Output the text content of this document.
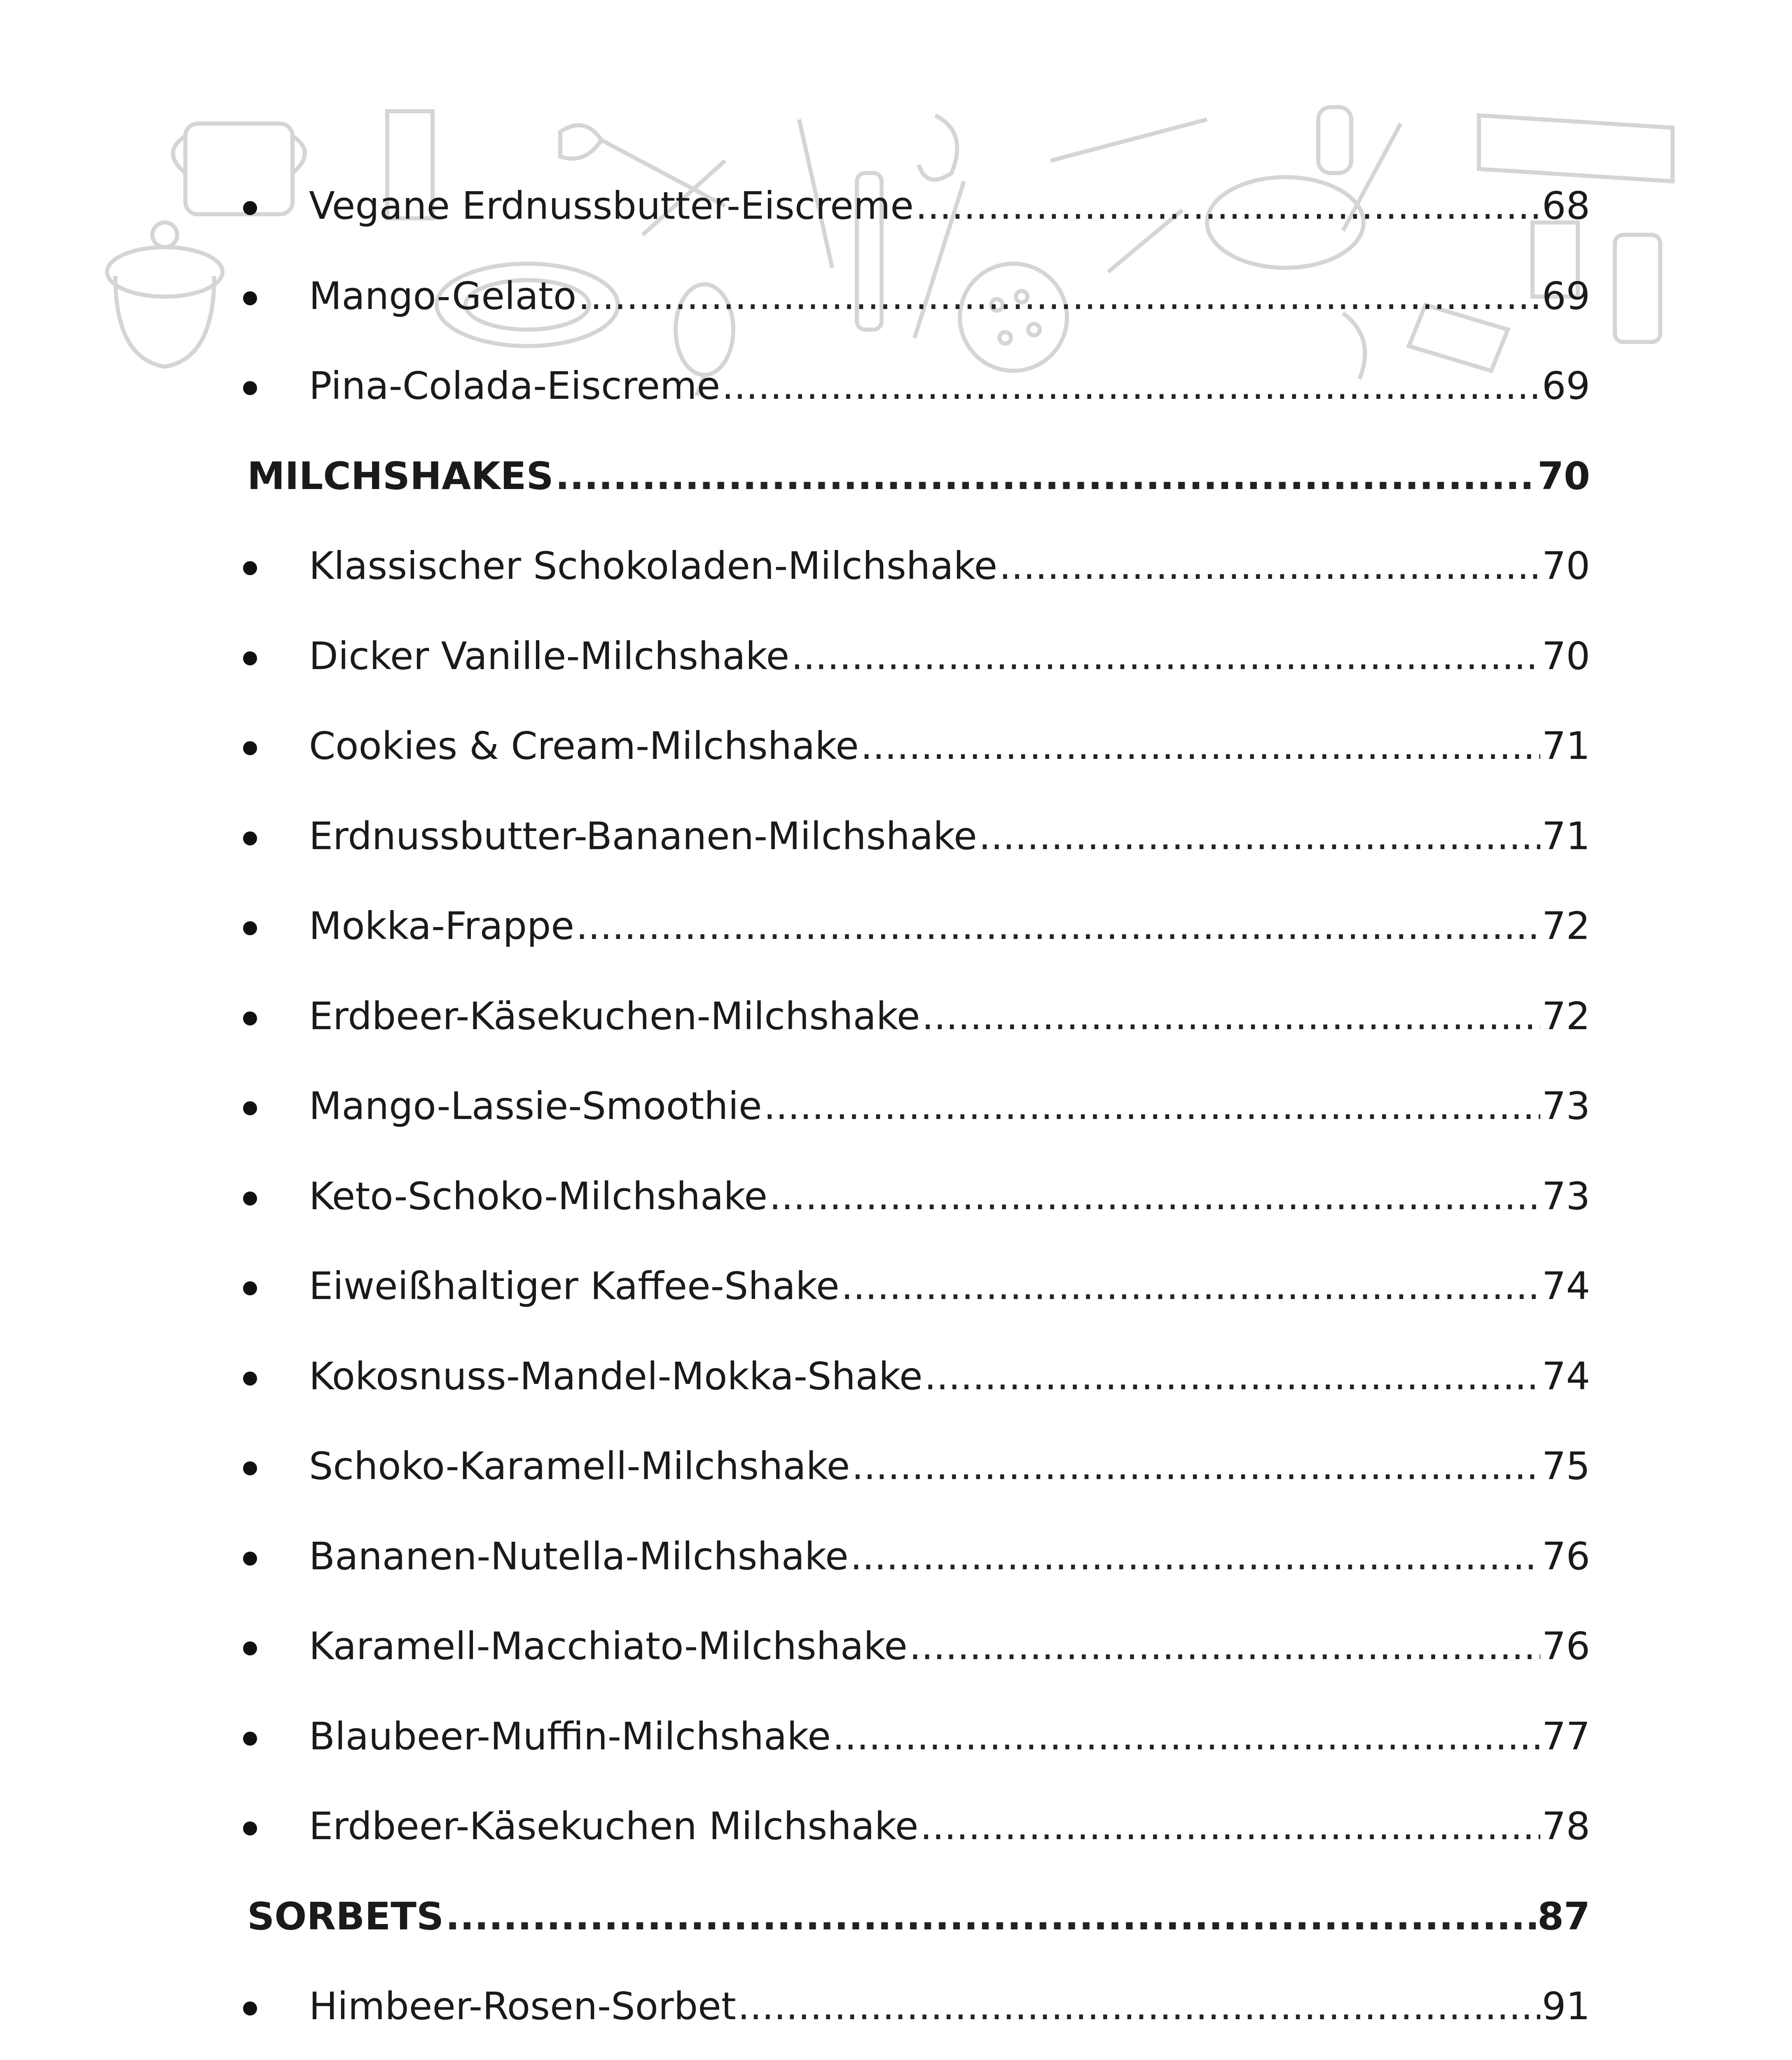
Vegane Erdnussbutter-Eiscreme .....	68
Mango-Gelato .....	69
Pina-Colada-Eiscreme .....	69
MILCHSHAKES .....	70
Klassischer Schokoladen-Milchshake .....	70
Dicker Vanille-Milchshake .....	70
Cookies & Cream-Milchshake .....	71
Erdnussbutter-Bananen-Milchshake .....	71
Mokka-Frappe .....	72
Erdbeer-Käsekuchen-Milchshake .....	72
Mango-Lassie-Smoothie .....	73
Keto-Schoko-Milchshake .....	73
Eiweißhaltiger Kaffee-Shake .....	74
Kokosnuss-Mandel-Mokka-Shake .....	74
Schoko-Karamell-Milchshake .....	75
Bananen-Nutella-Milchshake .....	76
Karamell-Macchiato-Milchshake .....	76
Blaubeer-Muffin-Milchshake .....	77
Erdbeer-Käsekuchen Milchshake .....	78
SORBETS .....	87
Himbeer-Rosen-Sorbet .....	91
